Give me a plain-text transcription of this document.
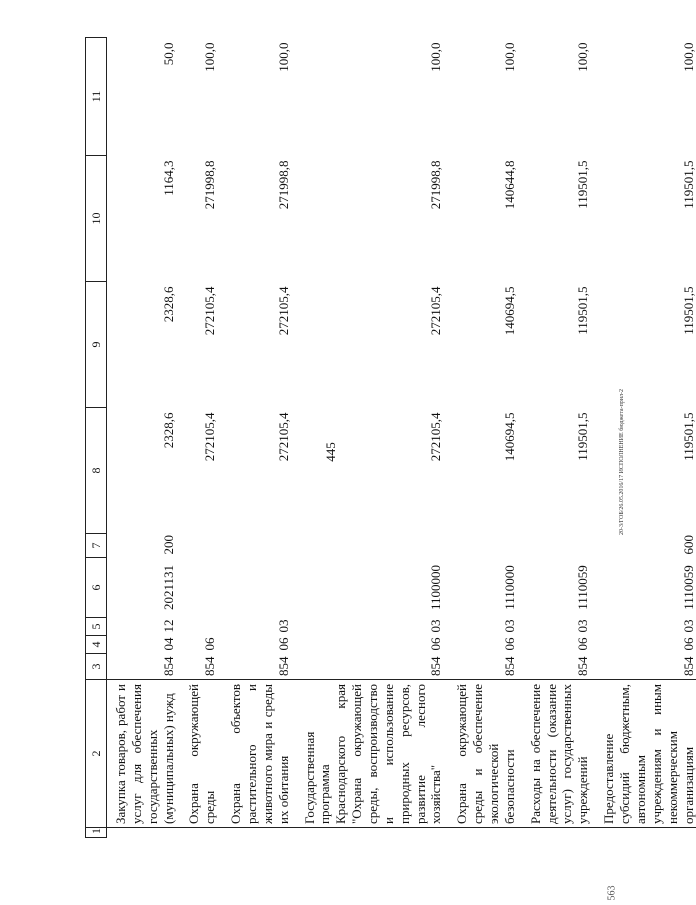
445	20-3/ГОБ/26.05.2016/17 ИСПОЛНЕНИЕ бюджета-прил-2
563
1	2	3	4	5	6	7	8	9	10	11
	Закупка товаров, работ и услуг для обеспечения государственных (муниципальных) нужд	854	04	12	2021131	200	2328,6	2328,6	1164,3	50,0
	Охрана окружающей среды	854	06				272105,4	272105,4	271998,8	100,0
	Охрана объектов растительного и животного мира и среды их обитания	854	06	03			272105,4	272105,4	271998,8	100,0
	Государственная программа Краснодарского края "Охрана окружающей среды, воспроизводство и использование природных ресурсов, развитие лесного хозяйства"	854	06	03	1100000		272105,4	272105,4	271998,8	100,0
	Охрана окружающей среды и обеспечение экологической безопасности	854	06	03	1110000		140694,5	140694,5	140644,8	100,0
	Расходы на обеспечение деятельности (оказание услуг) государственных учреждений	854	06	03	1110059		119501,5	119501,5	119501,5	100,0
	Предоставление субсидий бюджетным, автономным учреждениям и иным некоммерческим организациям	854	06	03	1110059	600	119501,5	119501,5	119501,5	100,0
